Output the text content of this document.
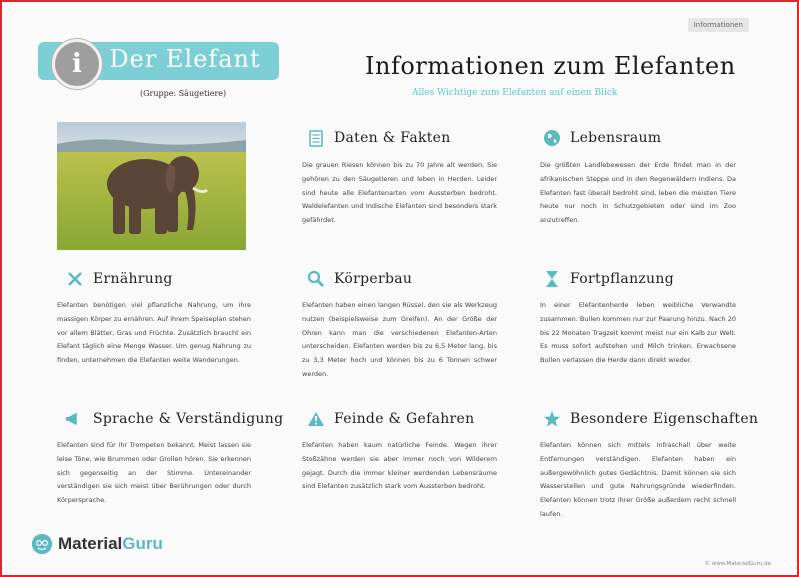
Informationen
i	Der Elefant
(Gruppe: Säugetiere)
Informationen zum Elefanten
Alles Wichtige zum Elefanten auf einen Blick
Daten & Fakten
Die grauen Riesen können bis zu 70 Jahre alt werden. Sie gehören zu den Säugetieren und leben in Herden. Leider sind heute alle Elefantenarten vom Aussterben bedroht. Waldelefanten und Indische Elefanten sind besonders stark gefährdet.
Lebensraum
Die größten Landlebewesen der Erde findet man in der afrikanischen Steppe und in den Regenwäldern Indiens. Da Elefanten fast überall bedroht sind, leben die meisten Tiere heute nur noch in Schutzgebieten oder sind im Zoo anzutreffen.
Ernährung
Elefanten benötigen viel pflanzliche Nahrung, um ihre massigen Körper zu ernähren. Auf ihrem Speiseplan stehen vor allem Blätter, Gras und Früchte. Zusätzlich braucht ein Elefant täglich eine Menge Wasser. Um genug Nahrung zu finden, unternehmen die Elefanten weite Wanderungen.
Körperbau
Elefanten haben einen langen Rüssel, den sie als Werkzeug nutzen (beispielsweise zum Greifen). An der Größe der Ohren kann man die verschiedenen Elefanten-Arten unterscheiden. Elefanten werden bis zu 6,5 Meter lang, bis zu 3,3 Meter hoch und können bis zu 6 Tonnen schwer werden.
Fortpflanzung
In einer Elefantenherde leben weibliche Verwandte zusammen. Bullen kommen nur zur Paarung hinzu. Nach 20 bis 22 Monaten Tragzeit kommt meist nur ein Kalb zur Welt. Es muss sofort aufstehen und Milch trinken. Erwachsene Bullen verlassen die Herde dann direkt wieder.
Sprache & Verständigung
Elefanten sind für ihr Trompeten bekannt. Meist lassen sie leise Töne, wie Brummen oder Grollen hören. Sie erkennen sich gegenseitig an der Stimme. Untereinander verständigen sie sich meist über Berührungen oder durch Körpersprache.
Feinde & Gefahren
Elefanten haben kaum natürliche Feinde. Wegen ihrer Stoßzähne werden sie aber immer noch von Wilderern gejagt. Durch die immer kleiner werdenden Lebensräume sind Elefanten zusätzlich stark vom Aussterben bedroht.
Besondere Eigenschaften
Elefanten können sich mittels Infraschall über weite Entfernungen verständigen. Elefanten haben ein außergewöhnlich gutes Gedächtnis. Damit können sie sich Wasserstellen und gute Nahrungsgründe wiederfinden. Elefanten können trotz ihrer Größe außerdem recht schnell laufen.
Material Guru
© www.MaterialGuru.de
